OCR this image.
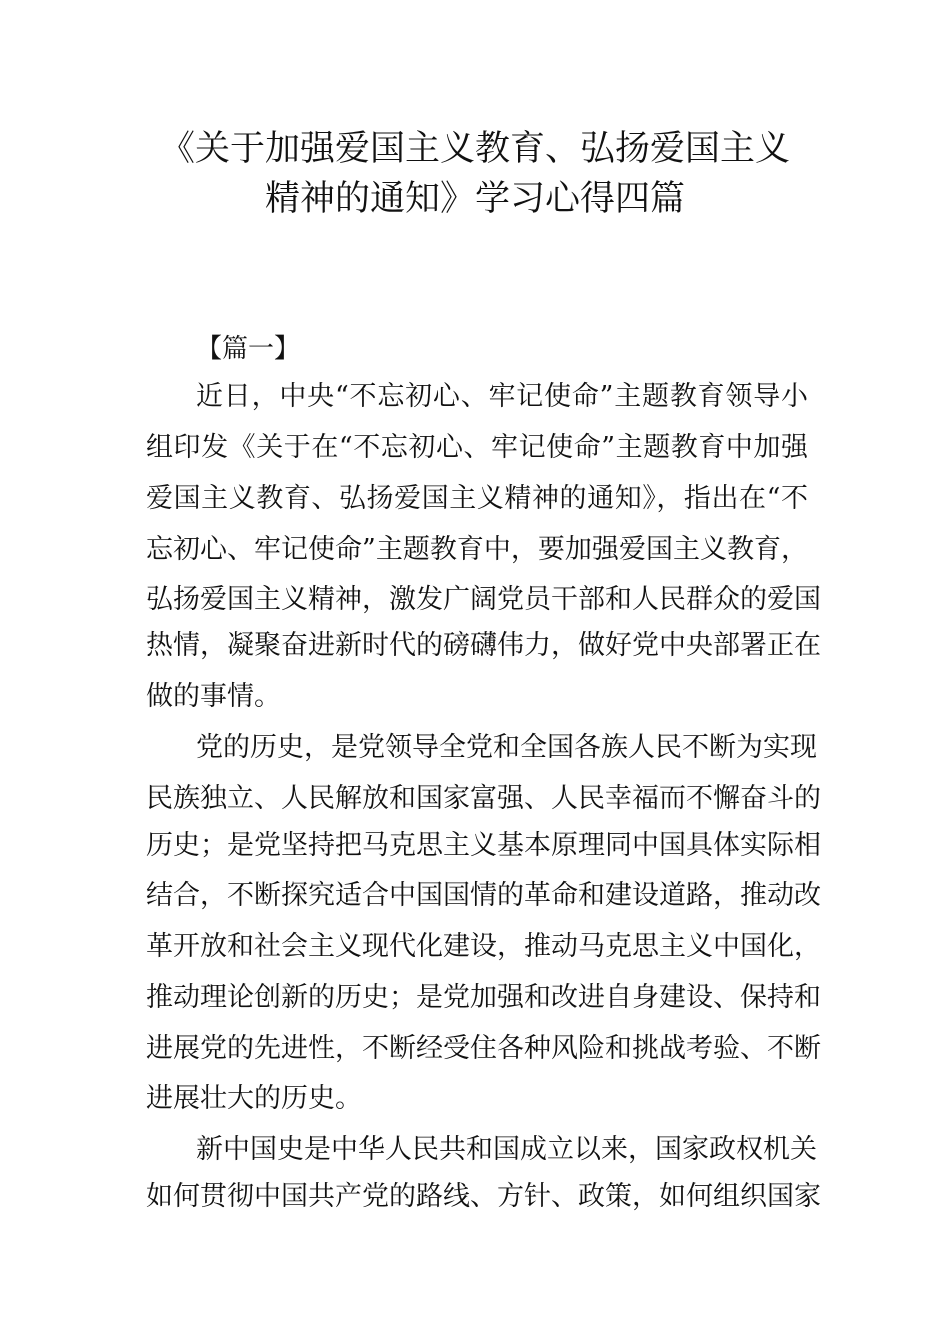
《关于加强爱国主义教育、弘扬爱国主义
精神的通知》学习心得四篇
【篇一】
近日，中央“不忘初心、牢记使命”主题教育领导小
组印发《关于在“不忘初心、牢记使命”主题教育中加强
爱国主义教育、弘扬爱国主义精神的通知》，指出在“不
忘初心、牢记使命”主题教育中，要加强爱国主义教育，
弘扬爱国主义精神，激发广阔党员干部和人民群众的爱国
热情，凝聚奋进新时代的磅礴伟力，做好党中央部署正在
做的事情。
党的历史，是党领导全党和全国各族人民不断为实现
民族独立、人民解放和国家富强、人民幸福而不懈奋斗的
历史；是党坚持把马克思主义基本原理同中国具体实际相
结合，不断探究适合中国国情的革命和建设道路，推动改
革开放和社会主义现代化建设，推动马克思主义中国化，
推动理论创新的历史；是党加强和改进自身建设、保持和
进展党的先进性，不断经受住各种风险和挑战考验、不断
进展壮大的历史。
新中国史是中华人民共和国成立以来，国家政权机关
如何贯彻中国共产党的路线、方针、政策，如何组织国家
